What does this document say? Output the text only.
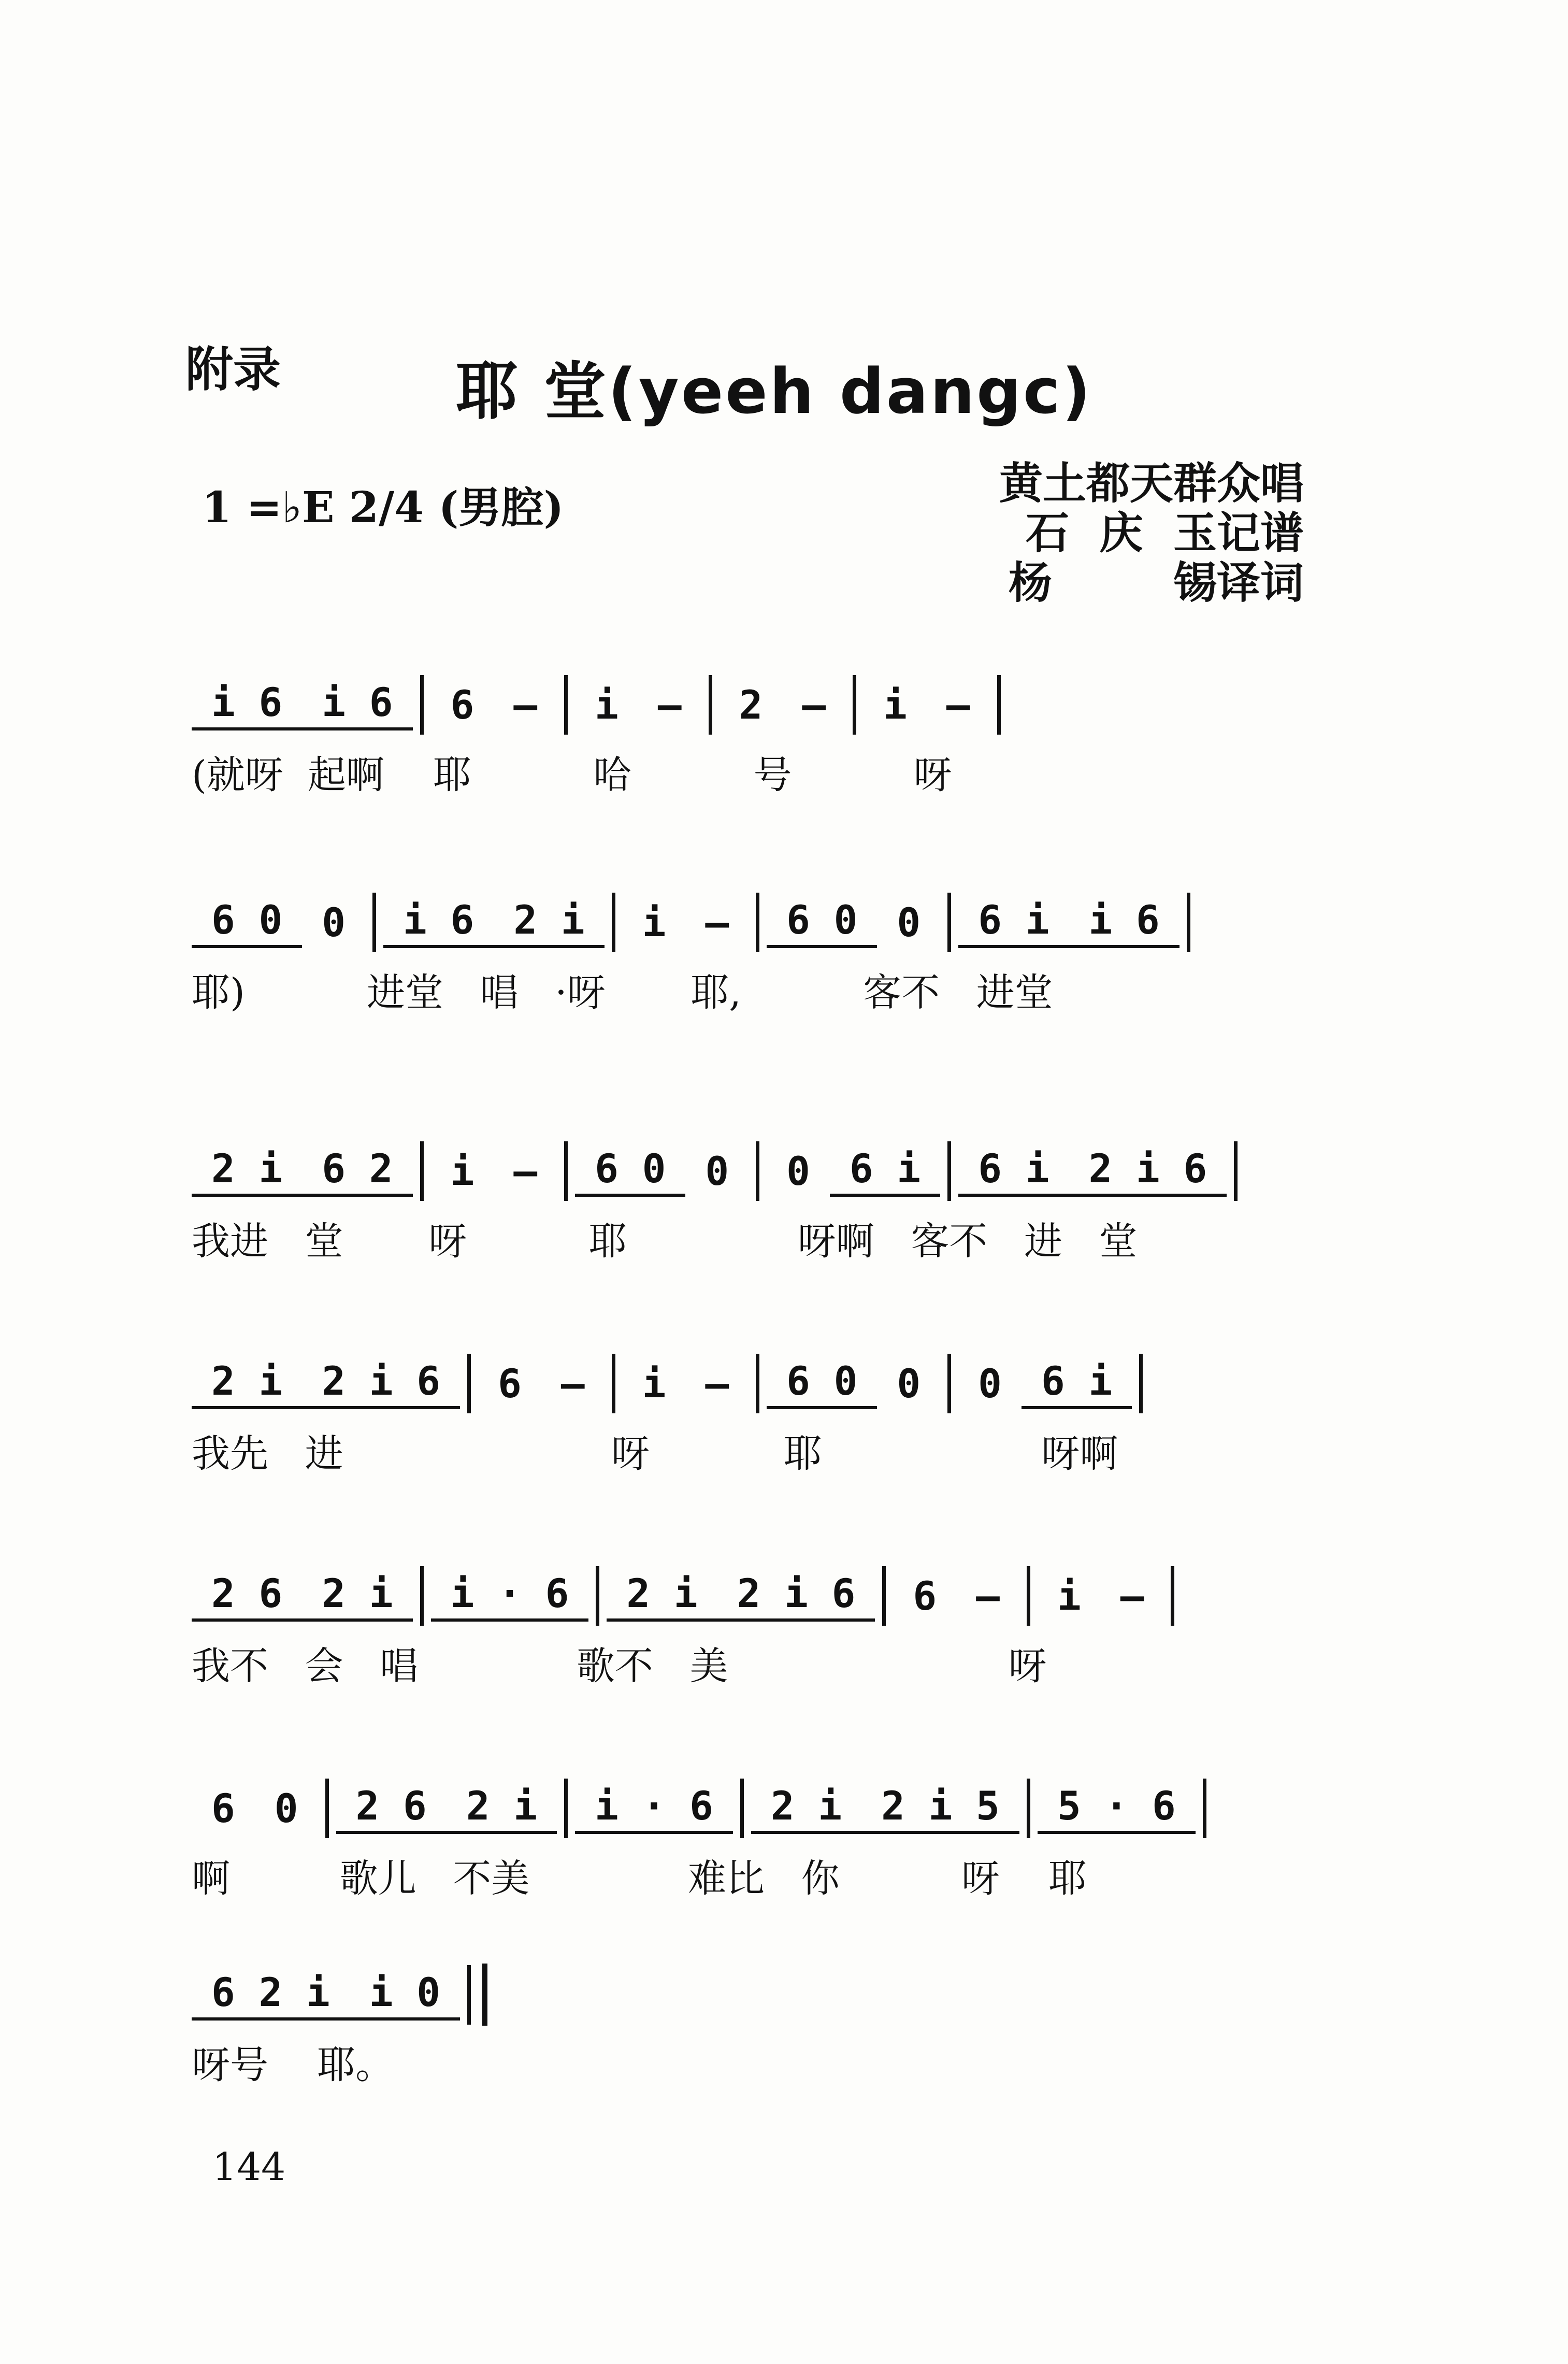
附录	耶 堂(yeeh dangc)
1 =♭E 2/4 (男腔)	黄土都天群众唱
石  庆  玉记谱
杨        锡译词
i 6	i 6	6	–	i	–	2	–	i	–
(就呀  起啊    耶          哈          号          呀
6 0	0	i 6	2 i	i	–	6 0	0	6 i	i 6
耶)          进堂   唱   ·呀       耶,          客不   进堂
2 i	6 2	i	–	6 0	0	0	6 i	6 i	2 i 6
我进   堂       呀          耶              呀啊   客不   进   堂
2 i	2 i 6	6	–	i	–	6 0	0	0	6 i
我先   进                      呀           耶                  呀啊
2 6	2 i	i · 6	2 i	2 i 6	6	–	i	–
我不   会   唱             歌不   美                       呀
6	0	2 6	2 i	i · 6	2 i	2 i 5	5 · 6
啊         歌儿   不美             难比   你          呀    耶
6 2 i	i 0
呀号    耶。
144
